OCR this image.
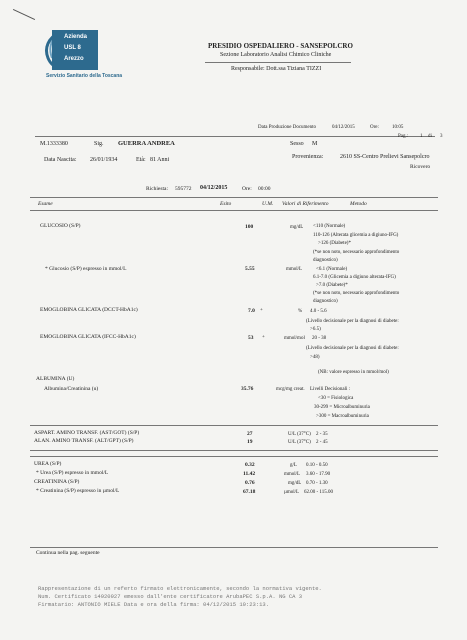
Azienda
USL 8
Arezzo
Servizio Sanitario della Toscana
PRESIDIO OSPEDALIERO - SANSEPOLCRO
Sezione Laboratorio Analisi Chimico Cliniche
Responsabile: Dott.ssa Tiziana TIZZI
Data Produzione Documento	04/12/2015	Ore:	10:05
Pag.: 1 di 3
M.1333380	Sig. GUERRA ANDREA	Sesso M
Data Nascita: 26/01/1934	Età: 81 Anni	Provenienza:	2610 SS-Centro Prelievi Sansepolcro
Ricovero
Richiesta: 595772 04/12/2015	Ore: 00:00
Esame	Esito	U.M. Valori di Riferimento	Metodo
GLUCOSIO (S/P)	100	mg/dL <110 (Normale)
110-126 (Alterata glicemia a digiuno-IFG)
>126 (Diabete)*
(*se non noto, necessario approfondimento
diagnostico)
* Glucosio (S/P) espresso in mmol/L	5.55	mmol/L	<6.1 (Normale)
6.1-7.0 (Glicemia a digiuno alterata-IFG)
>7.0 (Diabete)*
(*se non noto, necessario approfondimento
diagnostico)
EMOGLOBINA GLICATA (DCCT-HbA1c)	7.0 +	% 4.0 - 5.6
(Livello decisionale per la diagnosi di diabete:
>6.5)
EMOGLOBINA GLICATA (IFCC-HbA1c)	53 +	mmol/mol 20 - 38
(Livello decisionale per la diagnosi di diabete:
>48)
(NB: valore espresso in mmol/mol)
ALBUMINA (U)
Albumina/Creatinina (u)	35.76	mcg/mg creat. Livelli Decisionali :
<30 = Fisiologica
30-299 = Microalbuminuria
>300 = Macroalbuminuria
ASPART. AMINO TRANSF. (AST/GOT) (S/P)	27	U/L (37°C) 2 - 35
ALAN. AMINO TRANSF. (ALT/GPT) (S/P)	19	U/L (37°C) 2 - 45
UREA (S/P)	0.32	g/L 0.10 - 0.50
* Urea (S/P) espresso in mmol/L	11.42	mmol/L 3.60 - 17.90
CREATININA (S/P)	0.76	mg/dL 0.70 - 1.30
* Creatinina (S/P) espresso in µmol/L	67.18	µmol/L 62.00 - 115.00
Continua nella pag. seguente
Rappresentazione di un referto firmato elettronicamente, secondo la normativa vigente.
Num. Certificato 14920927 emesso dall'ente certificatore ArubaPEC S.p.A. NG CA 3
Firmatario: ANTONIO MIELE Data e ora della firma: 04/12/2015 10:23:13.
